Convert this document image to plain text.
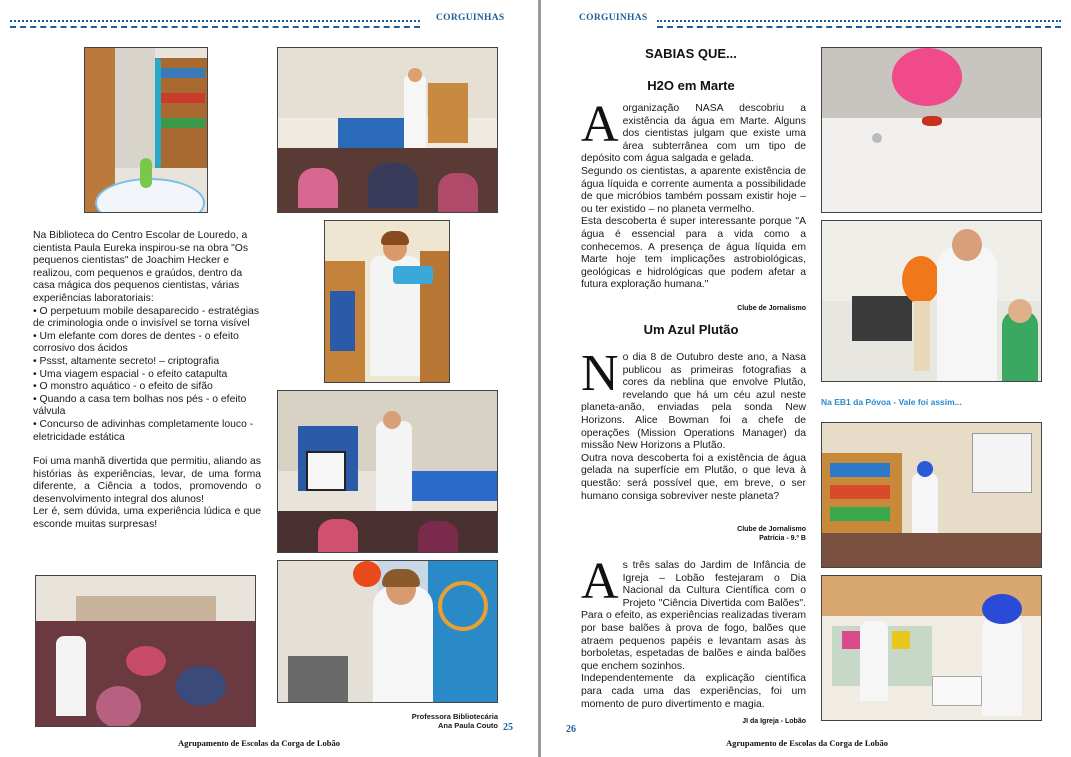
CORGUINHAS

Na Biblioteca do Centro Escolar de Louredo, a cientista Paula Eureka inspirou-se na obra "Os pequenos cientistas" de Joachim Hecker e realizou, com pequenos e graúdos, dentro da casa mágica dos pequenos cientistas, várias experiências laboratoriais:

• O perpetuum mobile desaparecido - estratégias de criminologia onde o invisível se torna visível
• Um elefante com dores de dentes - o efeito corrosivo dos ácidos
• Pssst, altamente secreto! – criptografia
• Uma viagem espacial - o efeito catapulta
• O monstro aquático - o efeito de sifão
• Quando a casa tem bolhas nos pés - o efeito válvula
• Concurso de adivinhas completamente louco - eletricidade estática

Foi uma manhã divertida que permitiu, aliando as histórias às experiências, levar, de uma forma diferente, a Ciência a todos, promovendo o desenvolvimento integral dos alunos!
Ler é, sem dúvida, uma experiência lúdica e que esconde muitas surpresas!

Professora Bibliotecária
Ana Paula Couto 25
Agrupamento de Escolas da Corga de Lobão
CORGUINHAS
SABIAS QUE...
H2O em Marte
A organização NASA descobriu a existência da água em Marte. Alguns dos cientistas julgam que existe uma área subterrânea com um tipo de depósito com água salgada e gelada.
Segundo os cientistas, a aparente existência de água líquida e corrente aumenta a possibilidade de que micróbios também possam existir hoje – ou ter existido – no planeta vermelho.
Esta descoberta é super interessante porque "A água é essencial para a vida como a conhecemos. A presença de água líquida em Marte hoje tem implicações astrobiológicas, geológicas e hidrológicas que podem afetar a futura exploração humana."
Clube de Jornalismo
Um Azul Plutão
N o dia 8 de Outubro deste ano, a Nasa publicou as primeiras fotografias a cores da neblina que envolve Plutão, revelando que há um céu azul neste planeta-anão, enviadas pela sonda New Horizons. Alice Bowman foi a chefe de operações (Mission Operations Manager) da missão New Horizons a Plutão.
Outra nova descoberta foi a existência de água gelada na superfície em Plutão, o que leva à questão: será possível que, em breve, o ser humano consiga sobreviver neste planeta?
Clube de Jornalismo
Patrícia - 9.º B
A s três salas do Jardim de Infância de Igreja – Lobão festejaram o Dia Nacional da Cultura Científica com o Projeto "Ciência Divertida com Balões". Para o efeito, as experiências realizadas tiveram por base balões à prova de fogo, balões que atraem pequenos papéis e levantam asas às borboletas, espetadas de balões e ainda balões que enchem sozinhos.
Independentemente da explicação científica para cada uma das experiências, foi um momento de puro divertimento e magia.
JI da Igreja - Lobão
26
Na EB1 da Póvoa - Vale foi assim...
Agrupamento de Escolas da Corga de Lobão
